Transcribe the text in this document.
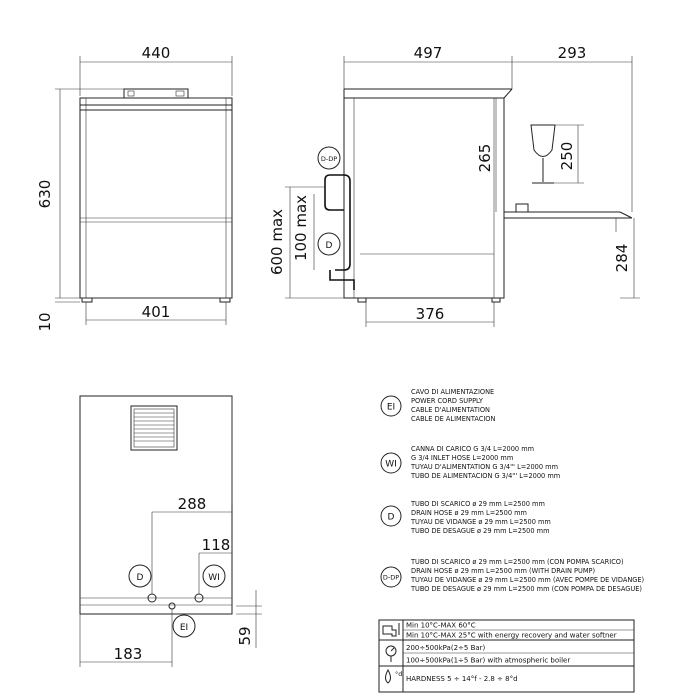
440
630
10
401
D-DP
D
497	293
265	250
284
376
600 max 100 max
D	WI
EI
288
118
183
59
EI
CAVO DI ALIMENTAZIONE
POWER CORD SUPPLY
CABLE D'ALIMENTATION
CABLE DE ALIMENTACION
WI
CANNA DI CARICO G 3/4 L=2000 mm
G 3/4 INLET HOSE L=2000 mm
TUYAU D'ALIMENTATION G 3/4"' L=2000 mm
TUBO DE ALIMENTACION G 3/4"' L=2000 mm
D
TUBO DI SCARICO ø 29 mm L=2500 mm
DRAIN HOSE ø 29 mm L=2500 mm
TUYAU DE VIDANGE ø 29 mm L=2500 mm
TUBO DE DESAGUE ø 29 mm L=2500 mm
D-DP
TUBO DI SCARICO ø 29 mm L=2500 mm (CON POMPA SCARICO)
DRAIN HOSE ø 29 mm L=2500 mm (WITH DRAIN PUMP)
TUYAU DE VIDANGE ø 29 mm L=2500 mm (AVEC POMPE DE VIDANGE)
TUBO DE DESAGUE ø 29 mm L=2500 mm (CON POMPA DE DESAGUE)
°d
Min 10°C-MAX 60°C
Min 10°C-MAX 25°C with energy recovery and water softner
200÷500kPa(2÷5 Bar)
100÷500kPa(1÷5 Bar) with atmospheric boiler
HARDNESS 5 ÷ 14°f - 2.8 ÷ 8°d
